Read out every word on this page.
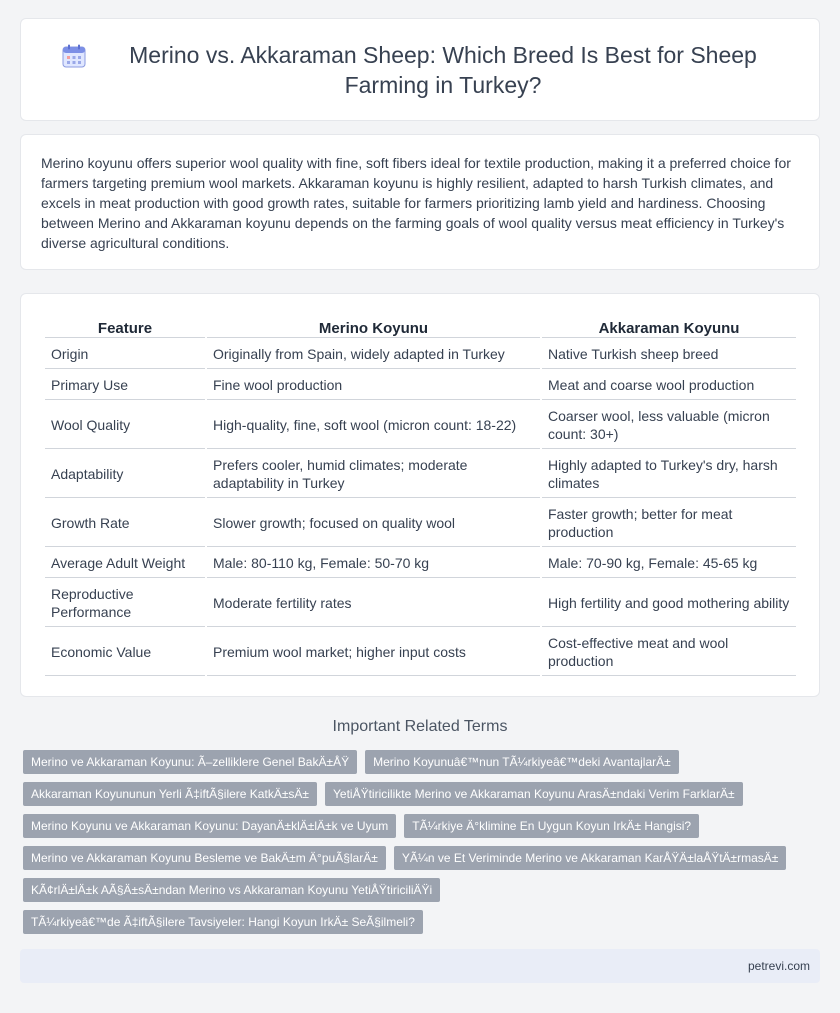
Merino vs. Akkaraman Sheep: Which Breed Is Best for Sheep Farming in Turkey?

Merino koyunu offers superior wool quality with fine, soft fibers ideal for textile production, making it a preferred choice for farmers targeting premium wool markets. Akkaraman koyunu is highly resilient, adapted to harsh Turkish climates, and excels in meat production with good growth rates, suitable for farmers prioritizing lamb yield and hardiness. Choosing between Merino and Akkaraman koyunu depends on the farming goals of wool quality versus meat efficiency in Turkey's diverse agricultural conditions.

Feature	Merino Koyunu	Akkaraman Koyunu
Origin	Originally from Spain, widely adapted in Turkey	Native Turkish sheep breed
Primary Use	Fine wool production	Meat and coarse wool production
Wool Quality	High-quality, fine, soft wool (micron count: 18-22)	Coarser wool, less valuable (micron count: 30+)
Adaptability	Prefers cooler, humid climates; moderate adaptability in Turkey	Highly adapted to Turkey's dry, harsh climates
Growth Rate	Slower growth; focused on quality wool	Faster growth; better for meat production
Average Adult Weight	Male: 80-110 kg, Female: 50-70 kg	Male: 70-90 kg, Female: 45-65 kg
Reproductive Performance	Moderate fertility rates	High fertility and good mothering ability
Economic Value	Premium wool market; higher input costs	Cost-effective meat and wool production
Important Related Terms
Merino ve Akkaraman Koyunu: Ã–zelliklere Genel BakÄ±ÅŸ	Merino Koyunuâ€™nun TÃ¼rkiyeâ€™deki AvantajlarÄ±
Akkaraman Koyununun Yerli Ã‡iftÃ§ilere KatkÄ±sÄ±	YetiÅŸtiricilikte Merino ve Akkaraman Koyunu ArasÄ±ndaki Verim FarklarÄ±
Merino Koyunu ve Akkaraman Koyunu: DayanÄ±klÄ±lÄ±k ve Uyum	TÃ¼rkiye Ä°klimine En Uygun Koyun IrkÄ± Hangisi?
Merino ve Akkaraman Koyunu Besleme ve BakÄ±m Ä°puÃ§larÄ±	YÃ¼n ve Et Veriminde Merino ve Akkaraman KarÅŸÄ±laÅŸtÄ±rmasÄ±
KÃ¢rlÄ±lÄ±k AÃ§Ä±sÄ±ndan Merino vs Akkaraman Koyunu YetiÅŸtiriciliÄŸi
TÃ¼rkiyeâ€™de Ã‡iftÃ§ilere Tavsiyeler: Hangi Koyun IrkÄ± SeÃ§ilmeli?
petrevi.com
